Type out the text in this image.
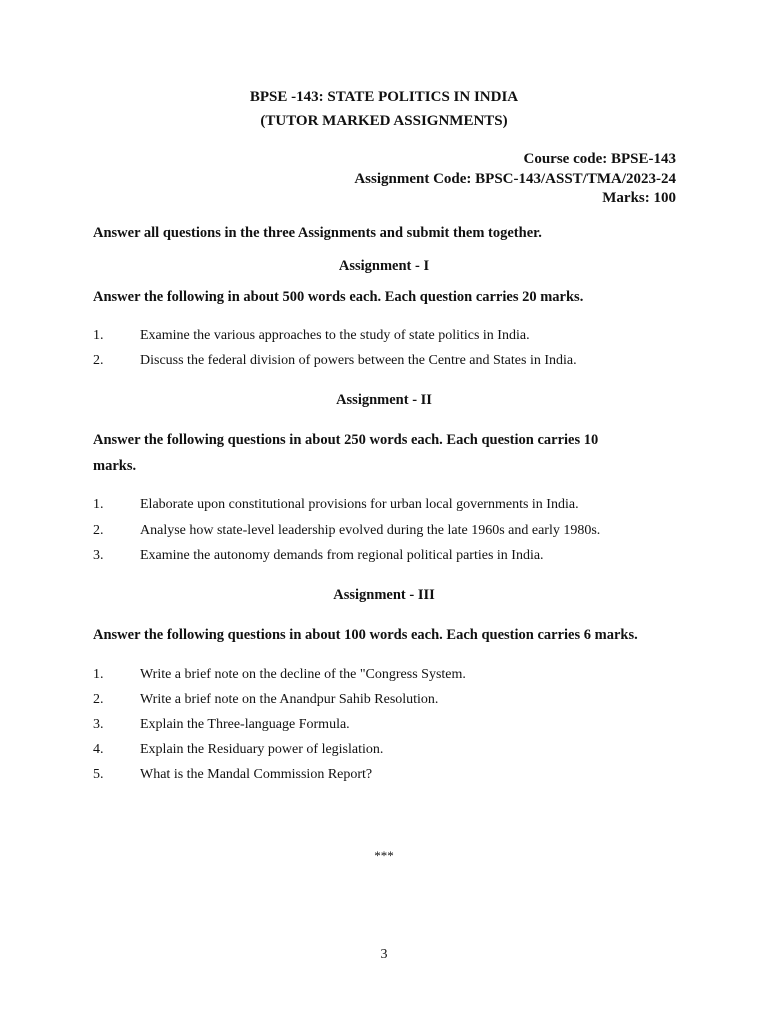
BPSE -143: STATE POLITICS IN INDIA
(TUTOR MARKED ASSIGNMENTS)
Course code: BPSE-143
Assignment Code: BPSC-143/ASST/TMA/2023-24
Marks: 100
Answer all questions in the three Assignments and submit them together.
Assignment - I
Answer the following in about 500 words each. Each question carries 20 marks.
1.	Examine the various approaches to the study of state politics in India.
2.	Discuss the federal division of powers between the Centre and States in India.
Assignment - II
Answer the following questions in about 250 words each. Each question carries 10
marks.
1.	Elaborate upon constitutional provisions for urban local governments in India.
2.	Analyse how state-level leadership evolved during the late 1960s and early 1980s.
3.	Examine the autonomy demands from regional political parties in India.
Assignment - III
Answer the following questions in about 100 words each. Each question carries 6 marks.
1.	Write a brief note on the decline of the "Congress System.
2.	Write a brief note on the Anandpur Sahib Resolution.
3.	Explain the Three-language Formula.
4.	Explain the Residuary power of legislation.
5.	What is the Mandal Commission Report?
***
3
